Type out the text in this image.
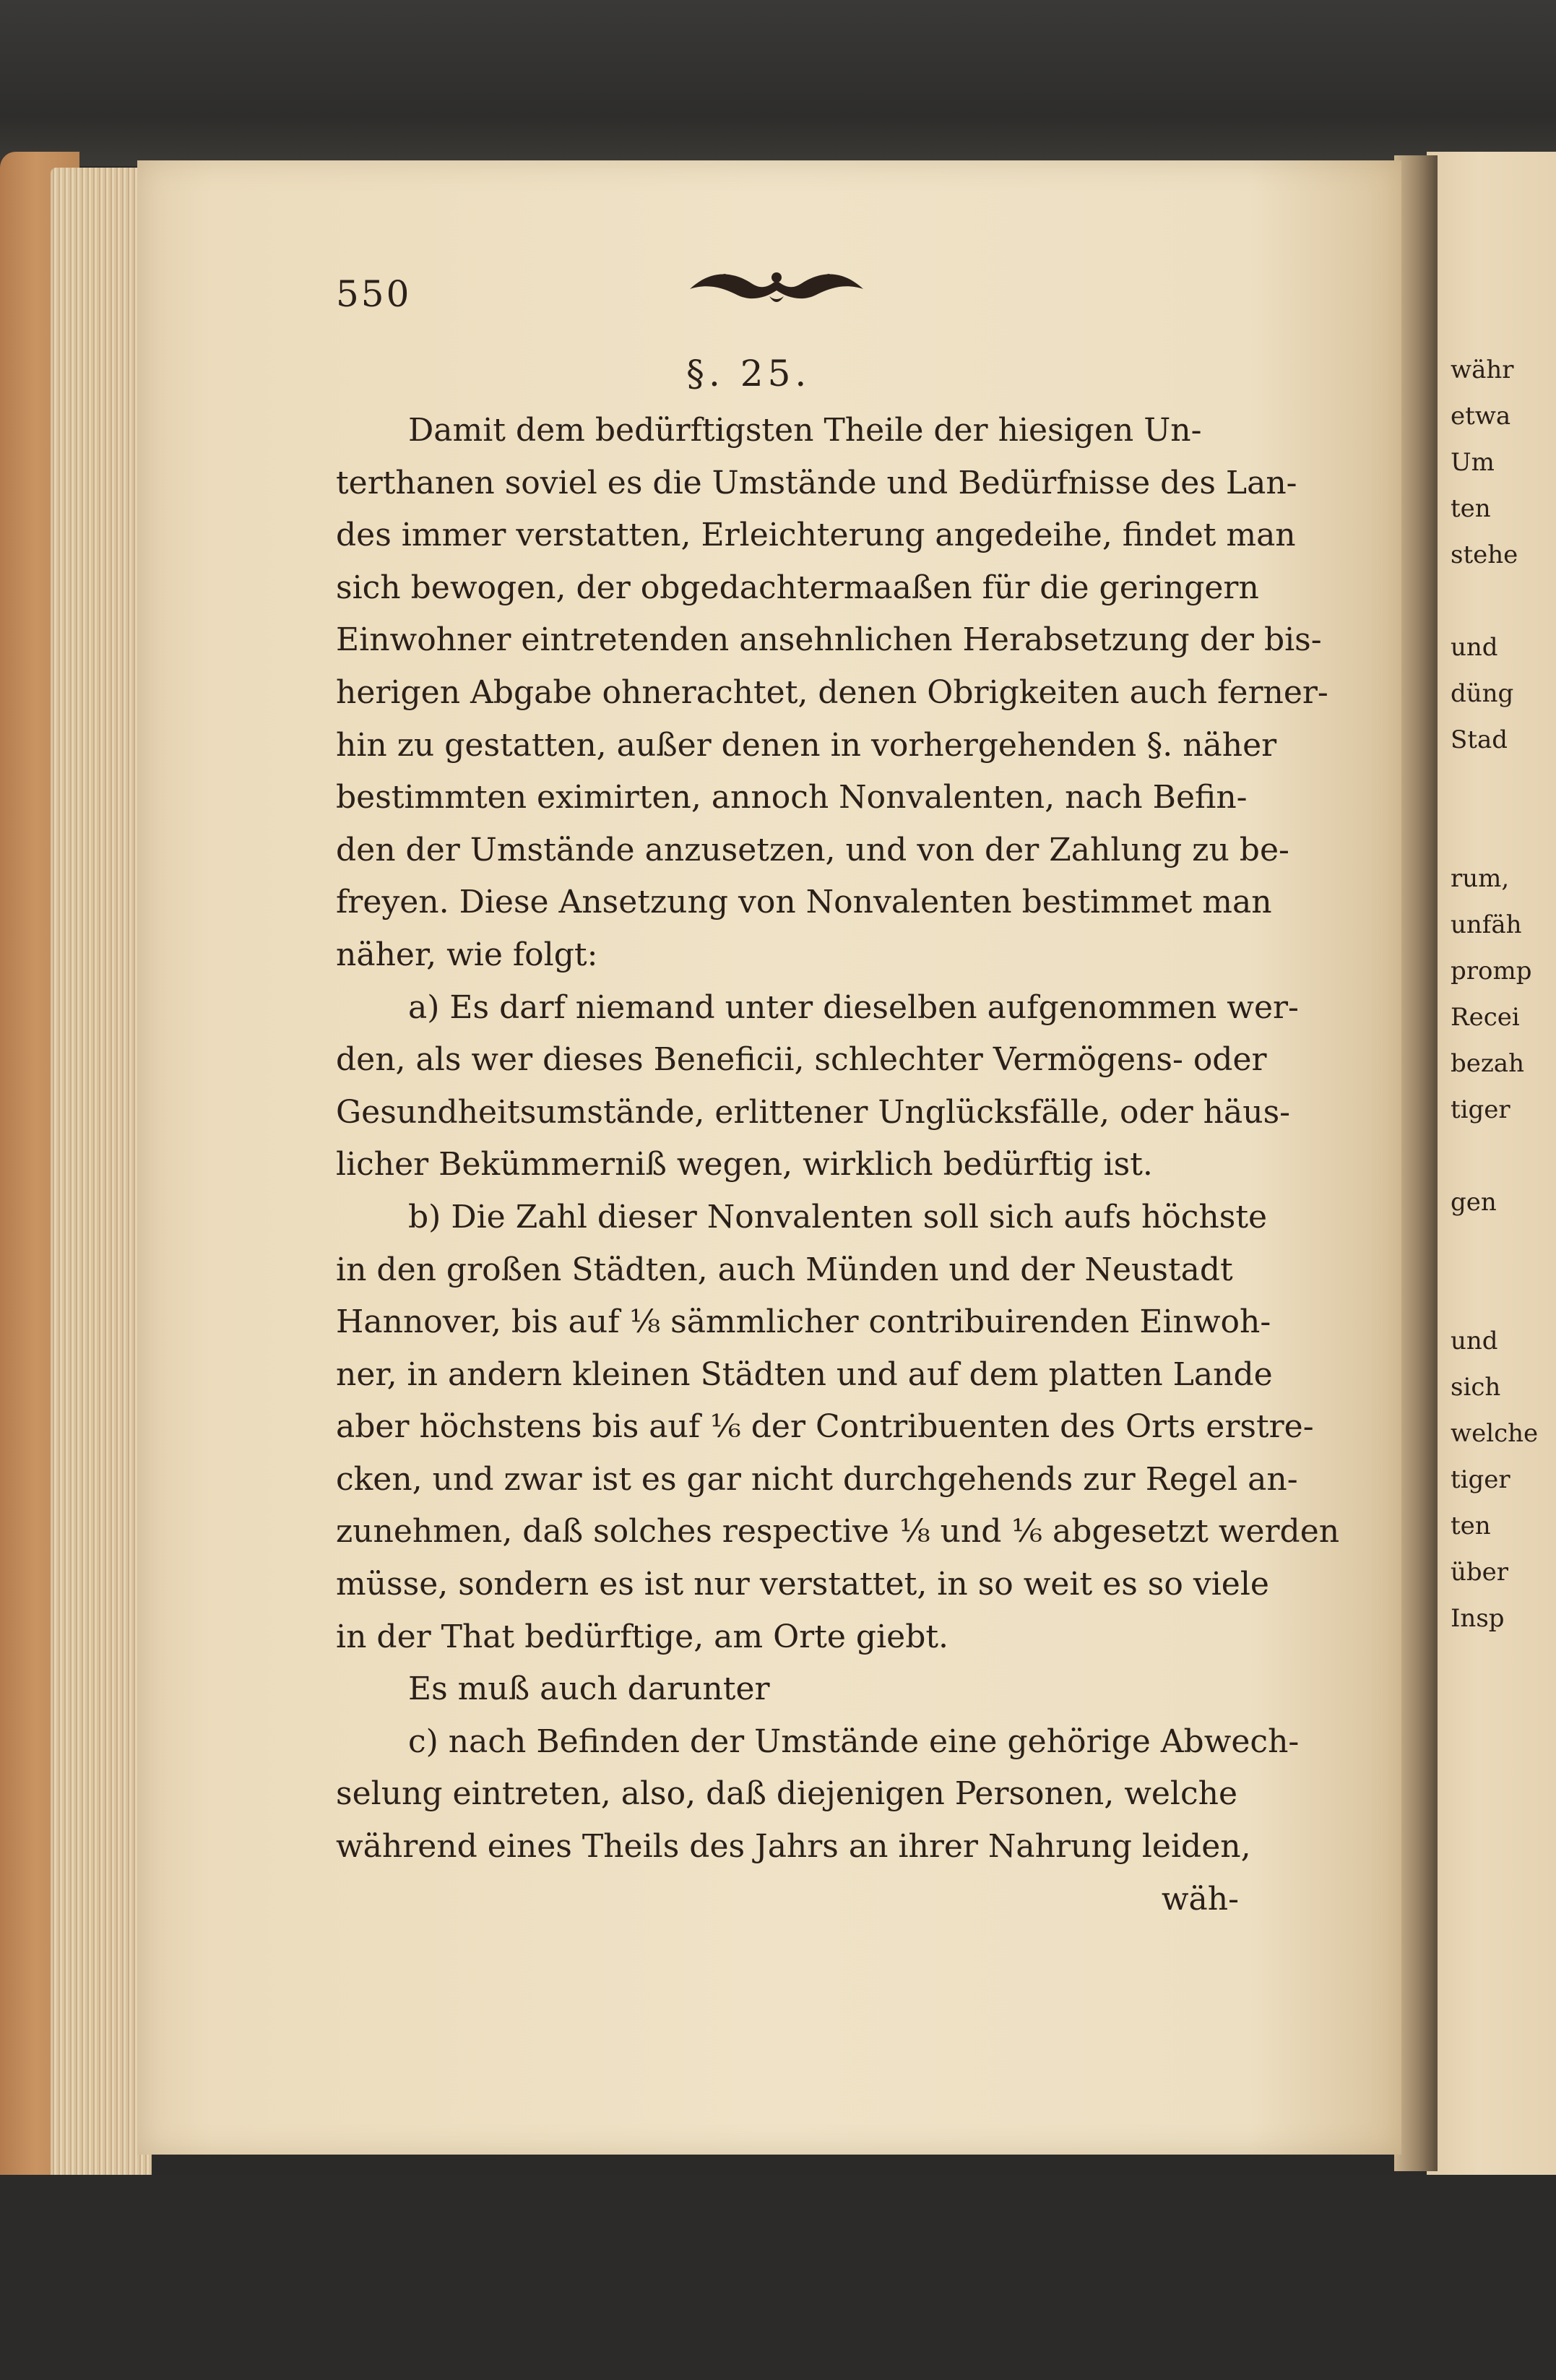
550
§. 25.
Damit dem bedürftigsten Theile der hiesigen Un-
terthanen soviel es die Umstände und Bedürfnisse des Lan-
des immer verstatten, Erleichterung angedeihe, findet man
sich bewogen, der obgedachtermaaßen für die geringern
Einwohner eintretenden ansehnlichen Herabsetzung der bis-
herigen Abgabe ohnerachtet, denen Obrigkeiten auch ferner-
hin zu gestatten, außer denen in vorhergehenden §. näher
bestimmten eximirten, annoch Nonvalenten, nach Befin-
den der Umstände anzusetzen, und von der Zahlung zu be-
freyen. Diese Ansetzung von Nonvalenten bestimmet man
näher, wie folgt:
a) Es darf niemand unter dieselben aufgenommen wer-
den, als wer dieses Beneficii, schlechter Vermögens- oder
Gesundheitsumstände, erlittener Unglücksfälle, oder häus-
licher Bekümmerniß wegen, wirklich bedürftig ist.
b) Die Zahl dieser Nonvalenten soll sich aufs höchste
in den großen Städten, auch Münden und der Neustadt
Hannover, bis auf ⅛ sämmlicher contribuirenden Einwoh-
ner, in andern kleinen Städten und auf dem platten Lande
aber höchstens bis auf ⅙ der Contribuenten des Orts erstre-
cken, und zwar ist es gar nicht durchgehends zur Regel an-
zunehmen, daß solches respective ⅛ und ⅙ abgesetzt werden
müsse, sondern es ist nur verstattet, in so weit es so viele
in der That bedürftige, am Orte giebt.
Es muß auch darunter
c) nach Befinden der Umstände eine gehörige Abwech-
selung eintreten, also, daß diejenigen Personen, welche
während eines Theils des Jahrs an ihrer Nahrung leiden,
wäh-
währ
etwa
Um
ten
stehe
und
düng
Stad
rum,
unfäh
promp
Recei
bezah
tiger
gen
und
sich
welche
tiger
ten
über
Insp
